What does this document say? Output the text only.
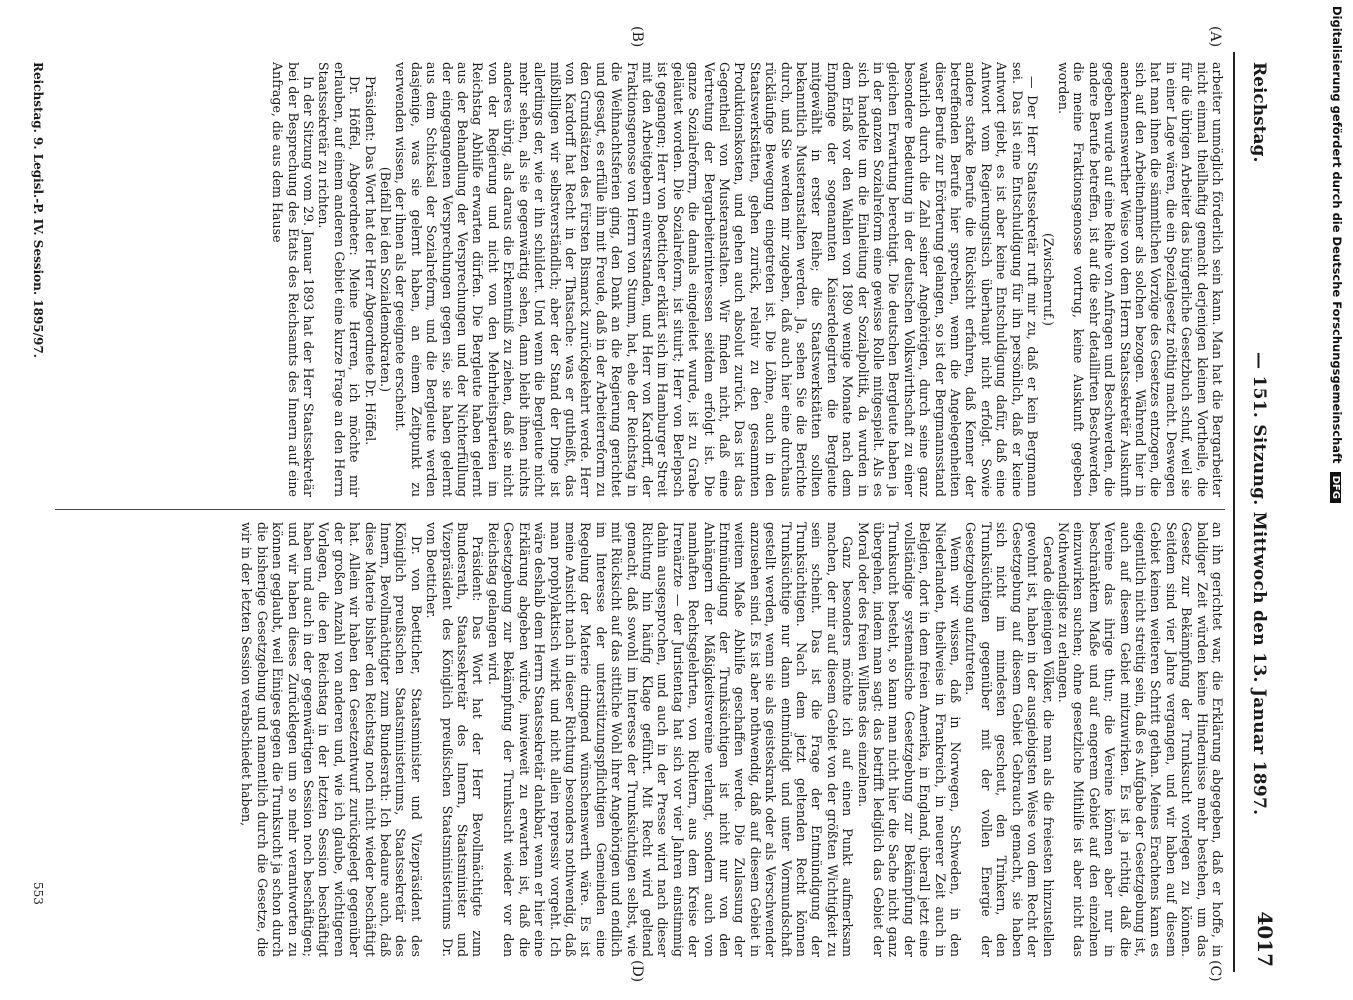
Reichstag.
— 151. Sitzung. Mittwoch den 13. Januar 1897.
4017
(A)
(B)
(C)
(D)

arbeiter unmöglich förderlich sein kann. Man hat die Bergarbeiter nicht einmal theilhaftig gemacht derjenigen kleinen Vortheile, die für die übrigen Arbeiter das bürgerliche Gesetzbuch schuf, weil sie in einer Lage wären, die ein Spezialgesetz nöthig macht. Deswegen hat man ihnen die sämmtlichen Vorzüge des Gesetzes entzogen, die sich auf den Arbeitnehmer als solchen bezogen. Während hier in anerkennenswerther Weise von dem Herrn Staatssekretär Auskunft gegeben wurde auf eine Reihe von Anfragen und Beschwerden, die andere Berufe betreffen, ist auf die sehr detaillirten Beschwerden, die meine Fraktionsgenosse vortrug, keine Auskunft gegeben worden.

(Zwischenruf.)

— Der Herr Staatssekretär ruft mir zu, daß er kein Bergmann sei. Das ist eine Entschuldigung für ihn persönlich, daß er keine Antwort giebt, es ist aber keine Entschuldigung dafür, daß eine Antwort vom Regierungstisch überhaupt nicht erfolgt. Sowie andere starke Berufe die Rücksicht erfahren, daß Kenner der betreffenden Berufe hier sprechen, wenn die Angelegenheiten dieser Berufe zur Erörterung gelangen, so ist der Bergmannsstand wahrlich durch die Zahl seiner Angehörigen, durch seine ganz besondere Bedeutung in der deutschen Volkswirthschaft zu einer gleichen Erwartung berechtigt. Die deutschen Bergleute haben ja in der ganzen Sozialreform eine gewisse Rolle mitgespielt. Als es sich handelte um die Einleitung der Sozialpolitik, da wurden in dem Erlaß vor den Wahlen von 1890 wenige Monate nach dem Empfange der sogenannten Kaiserdelegirten die Bergleute mitgewählt in erster Reihe; die Staatswerkstätten sollten bekanntlich Musteranstalten werden. Ja, sehen Sie die Berichte durch, und Sie werden mir zugeben, daß auch hier eine durchaus rückläufige Bewegung eingetreten ist. Die Löhne, auch in den Staatswerkstätten, gehen zurück, relativ zu den gesammten Produktionskosten, und gehen auch absolut zurück. Das ist das Gegentheil von Musteranstalten. Wir finden nicht, daß eine Vertretung der Bergarbeiterinteressen seitdem erfolgt ist. Die ganze Sozialreform, die damals eingeleitet wurde, ist zu Grabe geläutet worden. Die Sozialreform, ist situirt; Herr von Berlepsch ist gegangen; Herr von Boetticher erklärt sich im Hamburger Streit mit den Arbeitgebern einverstanden, und Herr von Kardorff, der Fraktionsgenosse von Herrn von Stumm, hat, ehe der Reichstag in die Weihnachtsferien ging, den Dank an die Regierung gerichtet und gesagt, es erfülle ihn mit Freude, daß in der Arbeiterreform zu den Grundsätzen des Fürsten Bismarck zurückgekehrt werde. Herr von Kardorff hat Recht in der Thatsache: was er gutheißt, das mißbilligen wir selbstverständlich; aber der Stand der Dinge ist allerdings der, wie er ihn schildert. Und wenn die Bergleute nicht mehr sehen, als sie gegenwärtig sehen, dann bleibt ihnen nichts anderes übrig, als daraus die Erkenntniß zu ziehen, daß sie nicht von der Regierung und nicht von den Mehrheitsparteien im Reichstag Abhilfe erwarten dürfen. Die Bergleute haben gelernt aus der Behandlung der Versprechungen und der Nichterfüllung der eingegangenen Versprechungen gegen sie, sie haben gelernt aus dem Schicksal der Sozialreform, und die Bergleute werden dasjenige, was sie gelernt haben, an einem Zeitpunkt zu verwenden wissen, der ihnen als der geeignete erscheint.

(Beifall bei den Sozialdemokraten.)

Präsident: Das Wort hat der Herr Abgeordnete Dr. Höffel.

Dr. Höffel, Abgeordneter: Meine Herren, ich möchte mir erlauben, auf einem anderen Gebiet eine kurze Frage an den Herrn Staatssekretär zu richten.

In der Sitzung vom 29. Januar 1893 hat der Herr Staatssekretär bei der Besprechung des Etats des Reichsamts des Innern auf eine Anfrage, die aus dem Hause

an ihn gerichtet war, die Erklärung abgegeben, daß er hoffe, in baldiger Zeit würden keine Hindernisse mehr bestehen, um das Gesetz zur Bekämpfung der Trunksucht vorlegen zu können. Seitdem sind vier Jahre vergangen, und wir haben auf diesem Gebiet keinen weiteren Schritt gethan. Meines Erachtens kann es eigentlich nicht streitig sein, daß es Aufgabe der Gesetzgebung ist, auch auf diesem Gebiet mitzuwirken. Es ist ja richtig, daß die Vereine das ihrige thun; die Vereine können aber nur in beschränktem Maße und auf engerem Gebiet auf den einzelnen einzuwirken suchen; ohne gesetzliche Mithilfe ist aber nicht das Nothwendigste zu erlangen.

Gerade diejenigen Völker, die man als die freiesten hinzustellen gewohnt ist, haben in der ausgiebigsten Weise von dem Recht der Gesetzgebung auf diesem Gebiet Gebrauch gemacht, sie haben sich nicht im mindesten gescheut, den Trinkern, den Trunksüchtigen gegenüber mit der vollen Energie der Gesetzgebung aufzutreten.

Wenn wir wissen, daß in Norwegen, Schweden, in den Niederlanden, theilweise in Frankreich, in neuerer Zeit auch in Belgien, dort in dem freien Amerika, in England, überall jetzt eine vollständige systematische Gesetzgebung zur Bekämpfung der Trunksucht besteht, so kann man nicht hier die Sache nicht ganz übergehen, indem man sagt: das betrifft lediglich das Gebiet der Moral oder des freien Willens des einzelnen.

Ganz besonders möchte ich auf einen Punkt aufmerksam machen, der mir auf diesem Gebiet von der größten Wichtigkeit zu sein scheint. Das ist die Frage der Entmündigung der Trunksüchtigen. Nach dem jetzt geltenden Recht können Trunksüchtige nur dann entmündigt und unter Vormundschaft gestellt werden, wenn sie als geisteskrank oder als Verschwender anzusehen sind. Es ist aber nothwendig, daß auf diesem Gebiet in weitem Maße Abhilfe geschaffen werde. Die Zulassung der Entmündigung der Trunksüchtigen ist nicht nur von den Anhängern der Mäßigkeitsvereine verlangt, sondern auch von namhaften Rechtsgelehrten, von Richtern, aus dem Kreise der Irrenärzte — der Juristentag hat sich vor vier Jahren einstimmig dahin ausgesprochen, und auch in der Presse wird nach dieser Richtung hin häufig Klage geführt. Mit Recht wird geltend gemacht, daß sowohl im Interesse der Trunksüchtigen selbst, wie mit Rücksicht auf das sittliche Wohl ihrer Angehörigen und endlich im Interesse der unterstützungspflichtigen Gemeinden eine Regelung der Materie dringend wünschenswerth wäre. Es ist meine Ansicht nach in dieser Richtung besonders nothwendig, daß man prophylaktisch wirkt und nicht allein repressiv vorgeht. Ich wäre deshalb dem Herrn Staatssekretär dankbar, wenn er hier eine Erklärung abgeben würde, inwieweit zu erwarten ist, daß die Gesetzgebung zur Bekämpfung der Trunksucht wieder vor den Reichstag gelangen wird.

Präsident: Das Wort hat der Herr Bevollmächtigte zum Bundesrath, Staatssekretär des Innern, Staatsminister und Vizepräsident des Königlich preußischen Staatsministeriums Dr. von Boetticher.

Dr. von Boetticher, Staatsminister und Vizepräsident des Königlich preußischen Staatsministeriums, Staatssekretär des Innern, Bevollmächtigter zum Bundesrath: Ich bedaure auch, daß diese Materie bisher den Reichstag noch nicht wieder beschäftigt hat. Allein wir haben den Gesetzentwurf zurückgelegt gegenüber der großen Anzahl von anderen und, wie ich glaube, wichtigeren Vorlagen, die den Reichstag in der letzten Session beschäftigt haben und auch in der gegenwärtigen Session noch beschäftigen; und wir haben dieses Zurücklegen um so mehr verantworten zu können geglaubt, weil Einiges gegen die Trunksucht ja schon durch die bisherige Gesetzgebung und namentlich durch die Gesetze, die wir in der letzten Session verabschiedet haben,

Reichstag. 9. Legisl.-P. IV. Session. 1895/97.
553
Digitalisierung gefördert durch die Deutsche Forschungsgemeinschaft DFG
